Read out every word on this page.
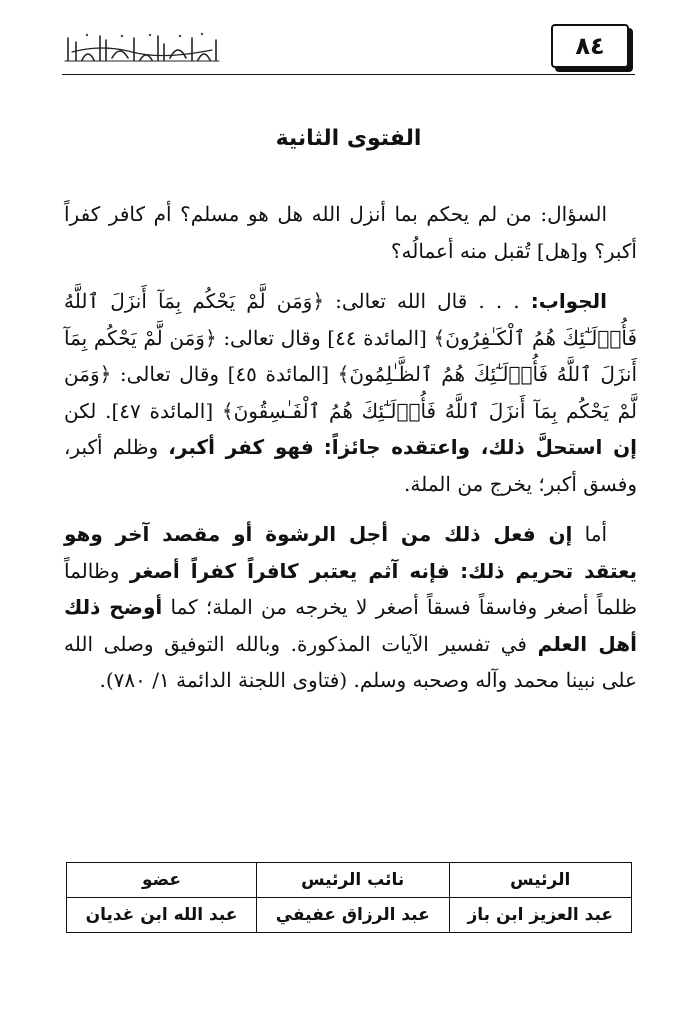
٨٤
الفتوى الثانية

السؤال: من لم يحكم بما أنزل الله هل هو مسلم؟ أم كافر كفراً أكبر؟ و[هل] تُقبل منه أعمالُه؟

الجواب: . . . قال الله تعالى: ﴿وَمَن لَّمْ يَحْكُم بِمَآ أَنزَلَ ٱللَّهُ فَأُو۟لَـٰٓئِكَ هُمُ ٱلْكَـٰفِرُونَ﴾ [المائدة ٤٤] وقال تعالى: ﴿وَمَن لَّمْ يَحْكُم بِمَآ أَنزَلَ ٱللَّهُ فَأُو۟لَـٰٓئِكَ هُمُ ٱلظَّـٰلِمُونَ﴾ [المائدة ٤٥] وقال تعالى: ﴿وَمَن لَّمْ يَحْكُم بِمَآ أَنزَلَ ٱللَّهُ فَأُو۟لَـٰٓئِكَ هُمُ ٱلْفَـٰسِقُونَ﴾ [المائدة ٤٧]. لكن إن استحلَّ ذلك، واعتقده جائزاً: فهو كفر أكبر، وظلم أكبر، وفسق أكبر؛ يخرج من الملة.

أما إن فعل ذلك من أجل الرشوة أو مقصد آخر وهو يعتقد تحريم ذلك: فإنه آثم يعتبر كافراً كفراً أصغر وظالماً ظلماً أصغر وفاسقاً فسقاً أصغر لا يخرجه من الملة؛ كما أوضح ذلك أهل العلم في تفسير الآيات المذكورة. وبالله التوفيق وصلى الله على نبينا محمد وآله وصحبه وسلم. (فتاوى اللجنة الدائمة ١/ ٧٨٠).

الرئيس	نائب الرئيس	عضو
عبد العزيز ابن باز	عبد الرزاق عفيفي	عبد الله ابن غديان
